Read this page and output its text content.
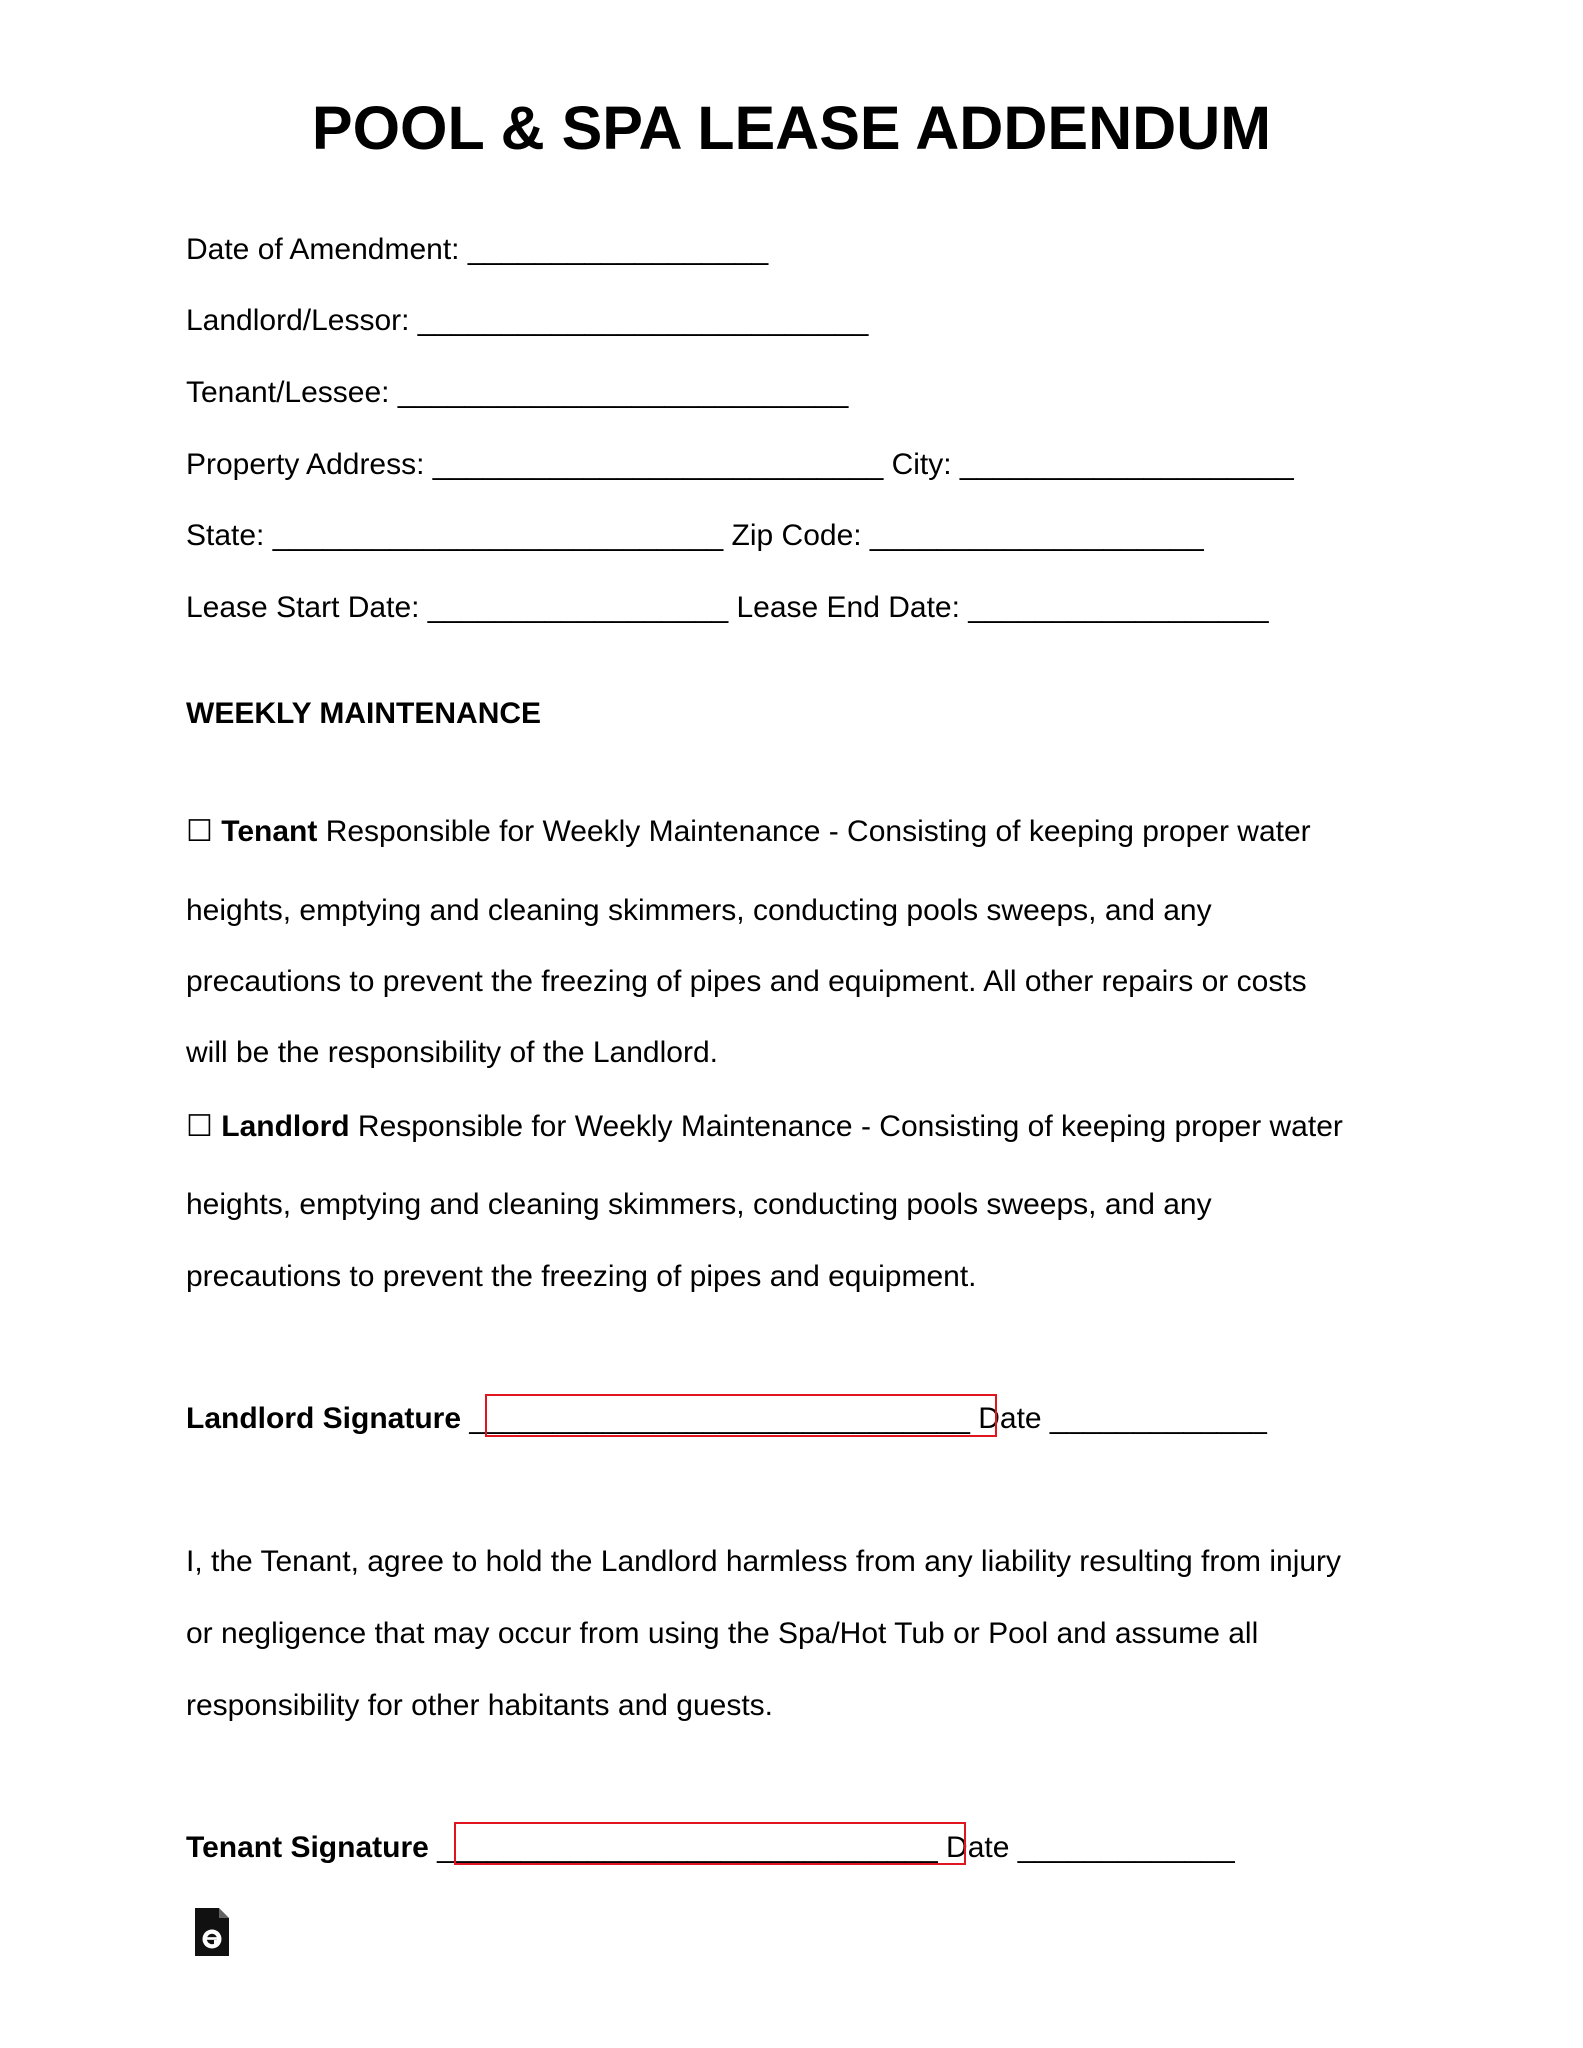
POOL & SPA LEASE ADDENDUM
Date of Amendment: __________________
Landlord/Lessor: ___________________________
Tenant/Lessee: ___________________________
Property Address: ___________________________ City: ____________________
State: ___________________________ Zip Code: ____________________
Lease Start Date: __________________ Lease End Date: __________________
WEEKLY MAINTENANCE
☐ Tenant Responsible for Weekly Maintenance - Consisting of keeping proper water
heights, emptying and cleaning skimmers, conducting pools sweeps, and any
precautions to prevent the freezing of pipes and equipment. All other repairs or costs
will be the responsibility of the Landlord.
☐ Landlord Responsible for Weekly Maintenance - Consisting of keeping proper water
heights, emptying and cleaning skimmers, conducting pools sweeps, and any
precautions to prevent the freezing of pipes and equipment.
Landlord Signature ______________________________ Date _____________
I, the Tenant, agree to hold the Landlord harmless from any liability resulting from injury
or negligence that may occur from using the Spa/Hot Tub or Pool and assume all
responsibility for other habitants and guests.
Tenant Signature ______________________________ Date _____________
